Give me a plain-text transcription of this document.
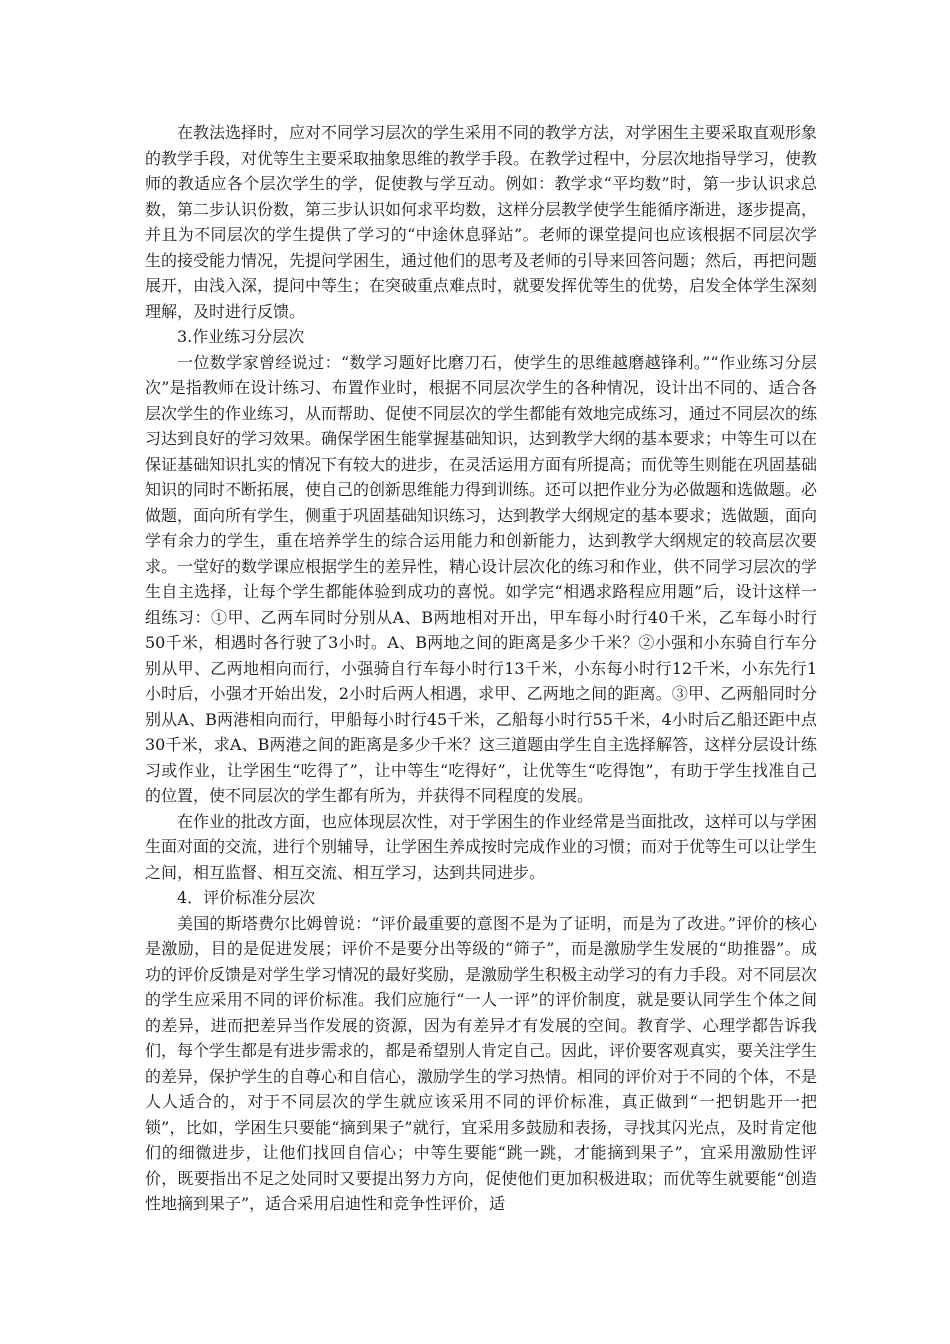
在教法选择时，应对不同学习层次的学生采用不同的教学方法，对学困生主要采取直观形象的教学手段，对优等生主要采取抽象思维的教学手段。在教学过程中，分层次地指导学习，使教师的教适应各个层次学生的学，促使教与学互动。例如：教学求“平均数”时，第一步认识求总数，第二步认识份数，第三步认识如何求平均数，这样分层教学使学生能循序渐进，逐步提高，并且为不同层次的学生提供了学习的“中途休息驿站”。老师的课堂提问也应该根据不同层次学生的接受能力情况，先提问学困生，通过他们的思考及老师的引导来回答问题；然后，再把问题展开，由浅入深，提问中等生；在突破重点难点时，就要发挥优等生的优势，启发全体学生深刻理解，及时进行反馈。

3.作业练习分层次

一位数学家曾经说过：“数学习题好比磨刀石，使学生的思维越磨越锋利。”“作业练习分层次”是指教师在设计练习、布置作业时，根据不同层次学生的各种情况，设计出不同的、适合各层次学生的作业练习，从而帮助、促使不同层次的学生都能有效地完成练习，通过不同层次的练习达到良好的学习效果。确保学困生能掌握基础知识，达到教学大纲的基本要求；中等生可以在保证基础知识扎实的情况下有较大的进步，在灵活运用方面有所提高；而优等生则能在巩固基础知识的同时不断拓展，使自己的创新思维能力得到训练。还可以把作业分为必做题和选做题。必做题，面向所有学生，侧重于巩固基础知识练习，达到教学大纲规定的基本要求；选做题，面向学有余力的学生，重在培养学生的综合运用能力和创新能力，达到教学大纲规定的较高层次要求。一堂好的数学课应根据学生的差异性，精心设计层次化的练习和作业，供不同学习层次的学生自主选择，让每个学生都能体验到成功的喜悦。如学完“相遇求路程应用题”后，设计这样一组练习：①甲、乙两车同时分别从A、B两地相对开出，甲车每小时行40千米，乙车每小时行50千米，相遇时各行驶了3小时。A、B两地之间的距离是多少千米？②小强和小东骑自行车分别从甲、乙两地相向而行，小强骑自行车每小时行13千米，小东每小时行12千米，小东先行1小时后，小强才开始出发，2小时后两人相遇，求甲、乙两地之间的距离。③甲、乙两船同时分别从A、B两港相向而行，甲船每小时行45千米，乙船每小时行55千米，4小时后乙船还距中点30千米，求A、B两港之间的距离是多少千米？这三道题由学生自主选择解答，这样分层设计练习或作业，让学困生“吃得了”，让中等生“吃得好”，让优等生“吃得饱”，有助于学生找准自己的位置，使不同层次的学生都有所为，并获得不同程度的发展。

在作业的批改方面，也应体现层次性，对于学困生的作业经常是当面批改，这样可以与学困生面对面的交流，进行个别辅导，让学困生养成按时完成作业的习惯；而对于优等生可以让学生之间，相互监督、相互交流、相互学习，达到共同进步。

4．评价标准分层次

美国的斯塔费尔比姆曾说：“评价最重要的意图不是为了证明，而是为了改进。”评价的核心是激励，目的是促进发展；评价不是要分出等级的“筛子”，而是激励学生发展的“助推器”。成功的评价反馈是对学生学习情况的最好奖励，是激励学生积极主动学习的有力手段。对不同层次的学生应采用不同的评价标准。我们应施行“一人一评”的评价制度，就是要认同学生个体之间的差异，进而把差异当作发展的资源，因为有差异才有发展的空间。教育学、心理学都告诉我们，每个学生都是有进步需求的，都是希望别人肯定自己。因此，评价要客观真实，要关注学生的差异，保护学生的自尊心和自信心，激励学生的学习热情。相同的评价对于不同的个体，不是人人适合的，对于不同层次的学生就应该采用不同的评价标准，真正做到“一把钥匙开一把锁”，比如，学困生只要能“摘到果子”就行，宜采用多鼓励和表扬，寻找其闪光点，及时肯定他们的细微进步，让他们找回自信心；中等生要能“跳一跳，才能摘到果子”，宜采用激励性评价，既要指出不足之处同时又要提出努力方向，促使他们更加积极进取；而优等生就要能“创造性地摘到果子”，适合采用启迪性和竞争性评价，适
